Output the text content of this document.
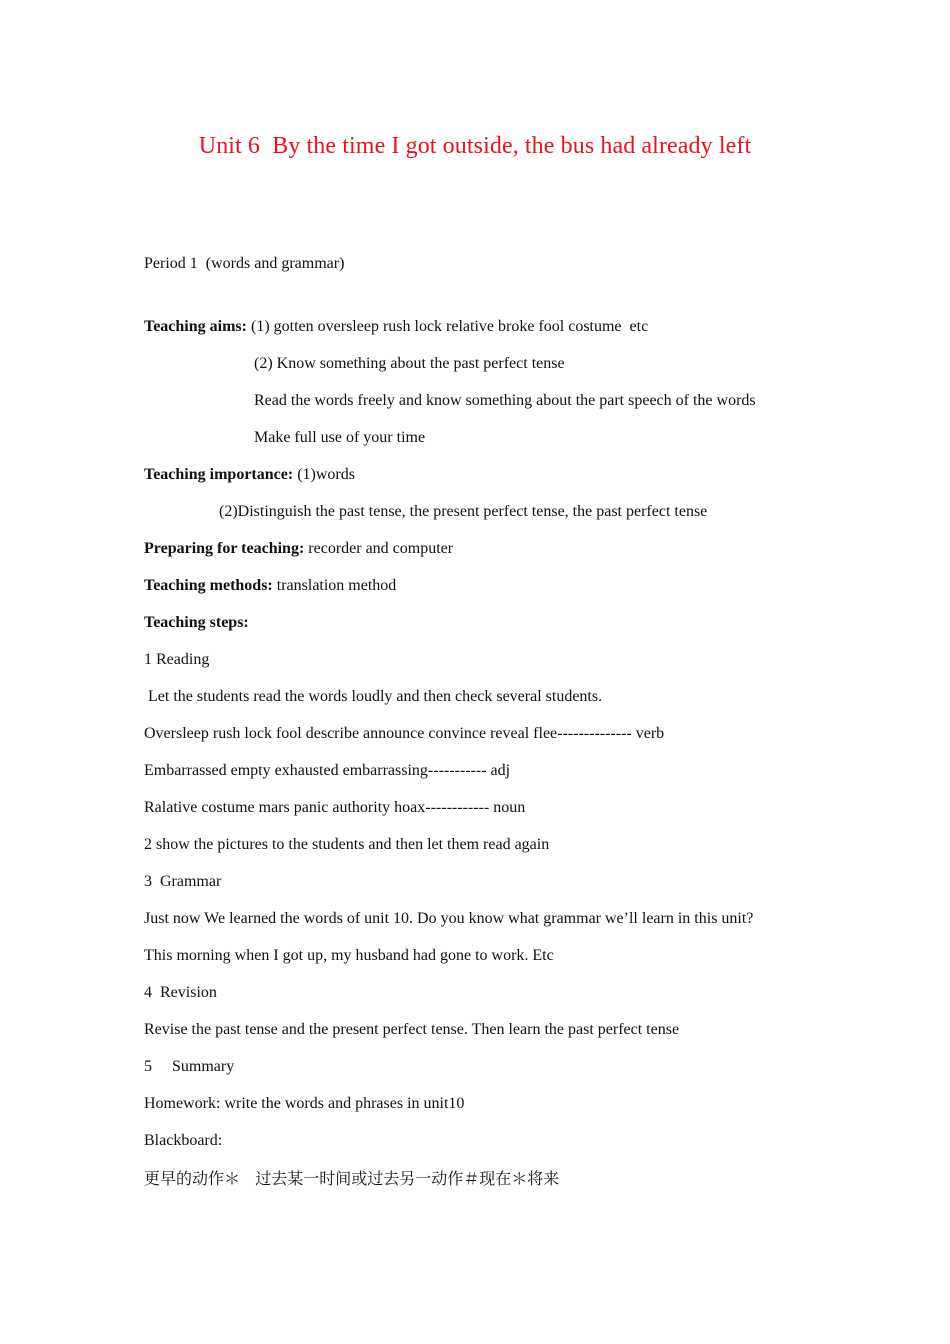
Unit 6  By the time I got outside, the bus had already left
Period 1  (words and grammar)
Teaching aims: (1) gotten oversleep rush lock relative broke fool costume  etc
(2) Know something about the past perfect tense
Read the words freely and know something about the part speech of the words
Make full use of your time
Teaching importance: (1)words
(2)Distinguish the past tense, the present perfect tense, the past perfect tense
Preparing for teaching: recorder and computer
Teaching methods: translation method
Teaching steps:
1 Reading
Let the students read the words loudly and then check several students.
Oversleep rush lock fool describe announce convince reveal flee-------------- verb
Embarrassed empty exhausted embarrassing----------- adj
Ralative costume mars panic authority hoax------------ noun
2 show the pictures to the students and then let them read again
3  Grammar
Just now We learned the words of unit 10. Do you know what grammar we’ll learn in this unit?
This morning when I got up, my husband had gone to work. Etc
4  Revision
Revise the past tense and the present perfect tense. Then learn the past perfect tense
5     Summary
Homework: write the words and phrases in unit10
Blackboard:
更早的动作＊   过去某一时间或过去另一动作＃现在＊将来
